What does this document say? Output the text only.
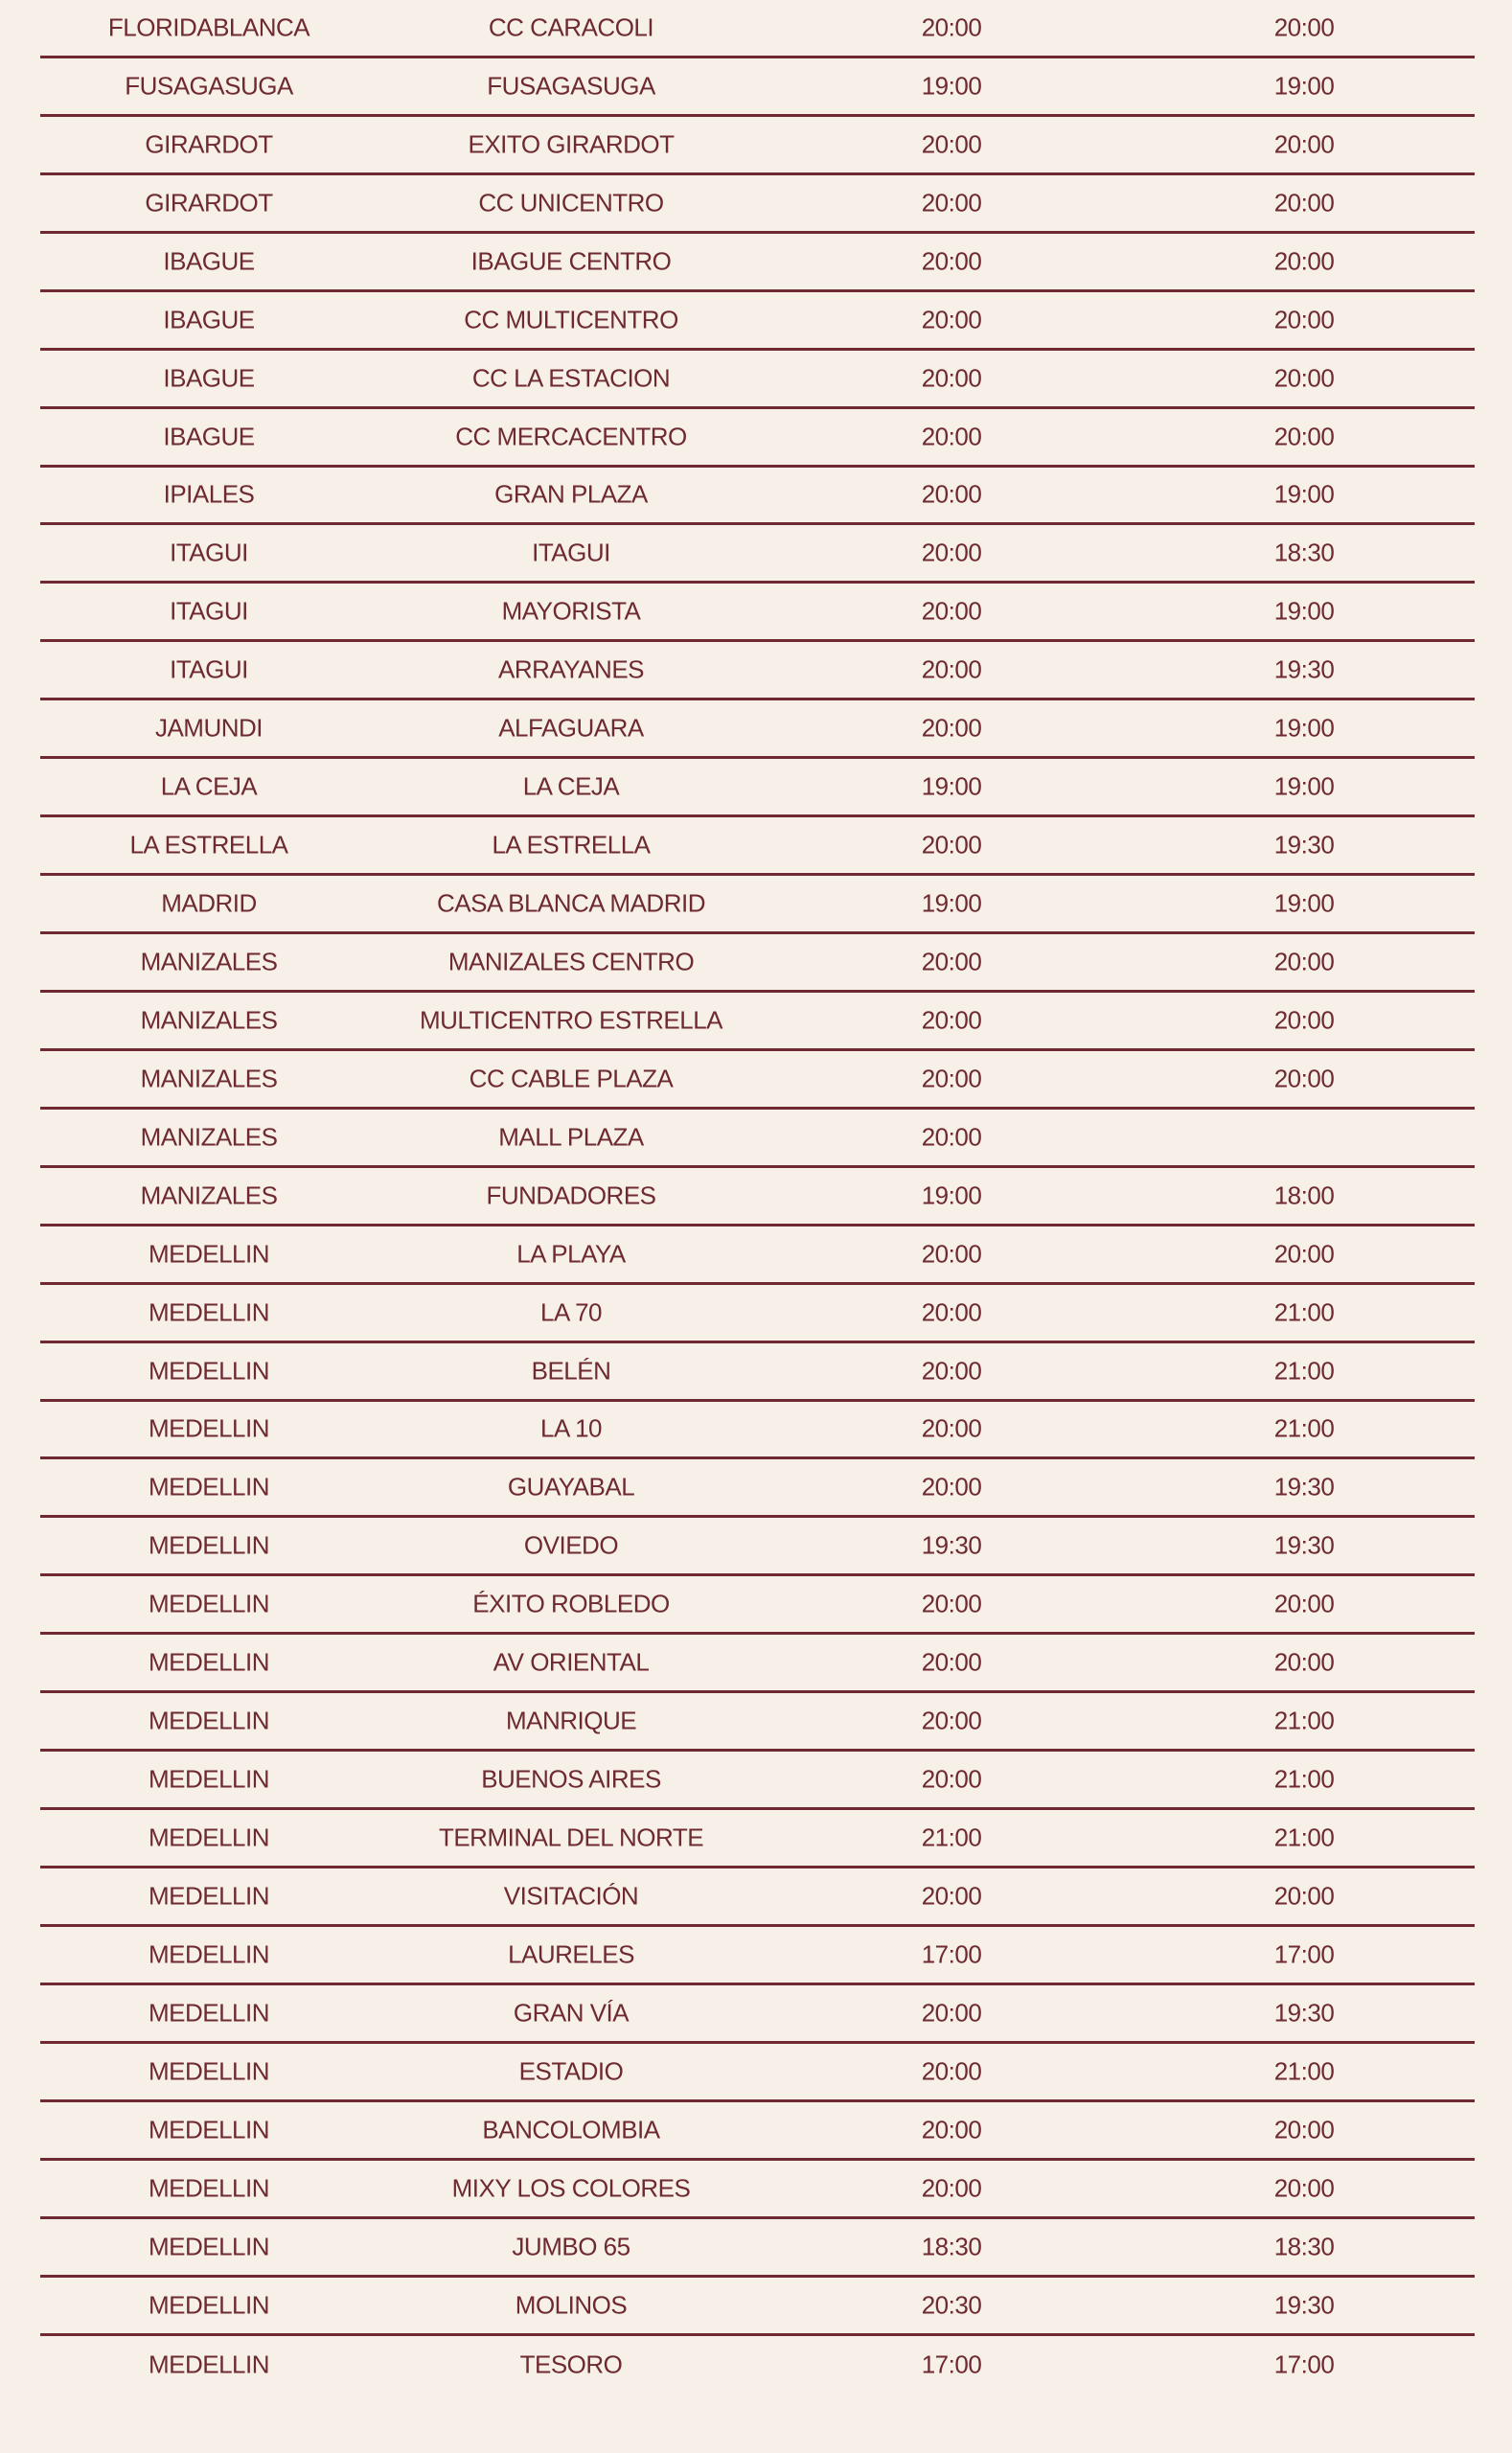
FLORIDABLANCA	CC CARACOLI	20:00	20:00
FUSAGASUGA	FUSAGASUGA	19:00	19:00
GIRARDOT	EXITO GIRARDOT	20:00	20:00
GIRARDOT	CC UNICENTRO	20:00	20:00
IBAGUE	IBAGUE CENTRO	20:00	20:00
IBAGUE	CC MULTICENTRO	20:00	20:00
IBAGUE	CC LA ESTACION	20:00	20:00
IBAGUE	CC MERCACENTRO	20:00	20:00
IPIALES	GRAN PLAZA	20:00	19:00
ITAGUI	ITAGUI	20:00	18:30
ITAGUI	MAYORISTA	20:00	19:00
ITAGUI	ARRAYANES	20:00	19:30
JAMUNDI	ALFAGUARA	20:00	19:00
LA CEJA	LA CEJA	19:00	19:00
LA ESTRELLA	LA ESTRELLA	20:00	19:30
MADRID	CASA BLANCA MADRID	19:00	19:00
MANIZALES	MANIZALES CENTRO	20:00	20:00
MANIZALES	MULTICENTRO ESTRELLA	20:00	20:00
MANIZALES	CC CABLE PLAZA	20:00	20:00
MANIZALES	MALL PLAZA	20:00
MANIZALES	FUNDADORES	19:00	18:00
MEDELLIN	LA PLAYA	20:00	20:00
MEDELLIN	LA 70	20:00	21:00
MEDELLIN	BELÉN	20:00	21:00
MEDELLIN	LA 10	20:00	21:00
MEDELLIN	GUAYABAL	20:00	19:30
MEDELLIN	OVIEDO	19:30	19:30
MEDELLIN	ÉXITO ROBLEDO	20:00	20:00
MEDELLIN	AV ORIENTAL	20:00	20:00
MEDELLIN	MANRIQUE	20:00	21:00
MEDELLIN	BUENOS AIRES	20:00	21:00
MEDELLIN	TERMINAL DEL NORTE	21:00	21:00
MEDELLIN	VISITACIÓN	20:00	20:00
MEDELLIN	LAURELES	17:00	17:00
MEDELLIN	GRAN VÍA	20:00	19:30
MEDELLIN	ESTADIO	20:00	21:00
MEDELLIN	BANCOLOMBIA	20:00	20:00
MEDELLIN	MIXY LOS COLORES	20:00	20:00
MEDELLIN	JUMBO 65	18:30	18:30
MEDELLIN	MOLINOS	20:30	19:30
MEDELLIN	TESORO	17:00	17:00
